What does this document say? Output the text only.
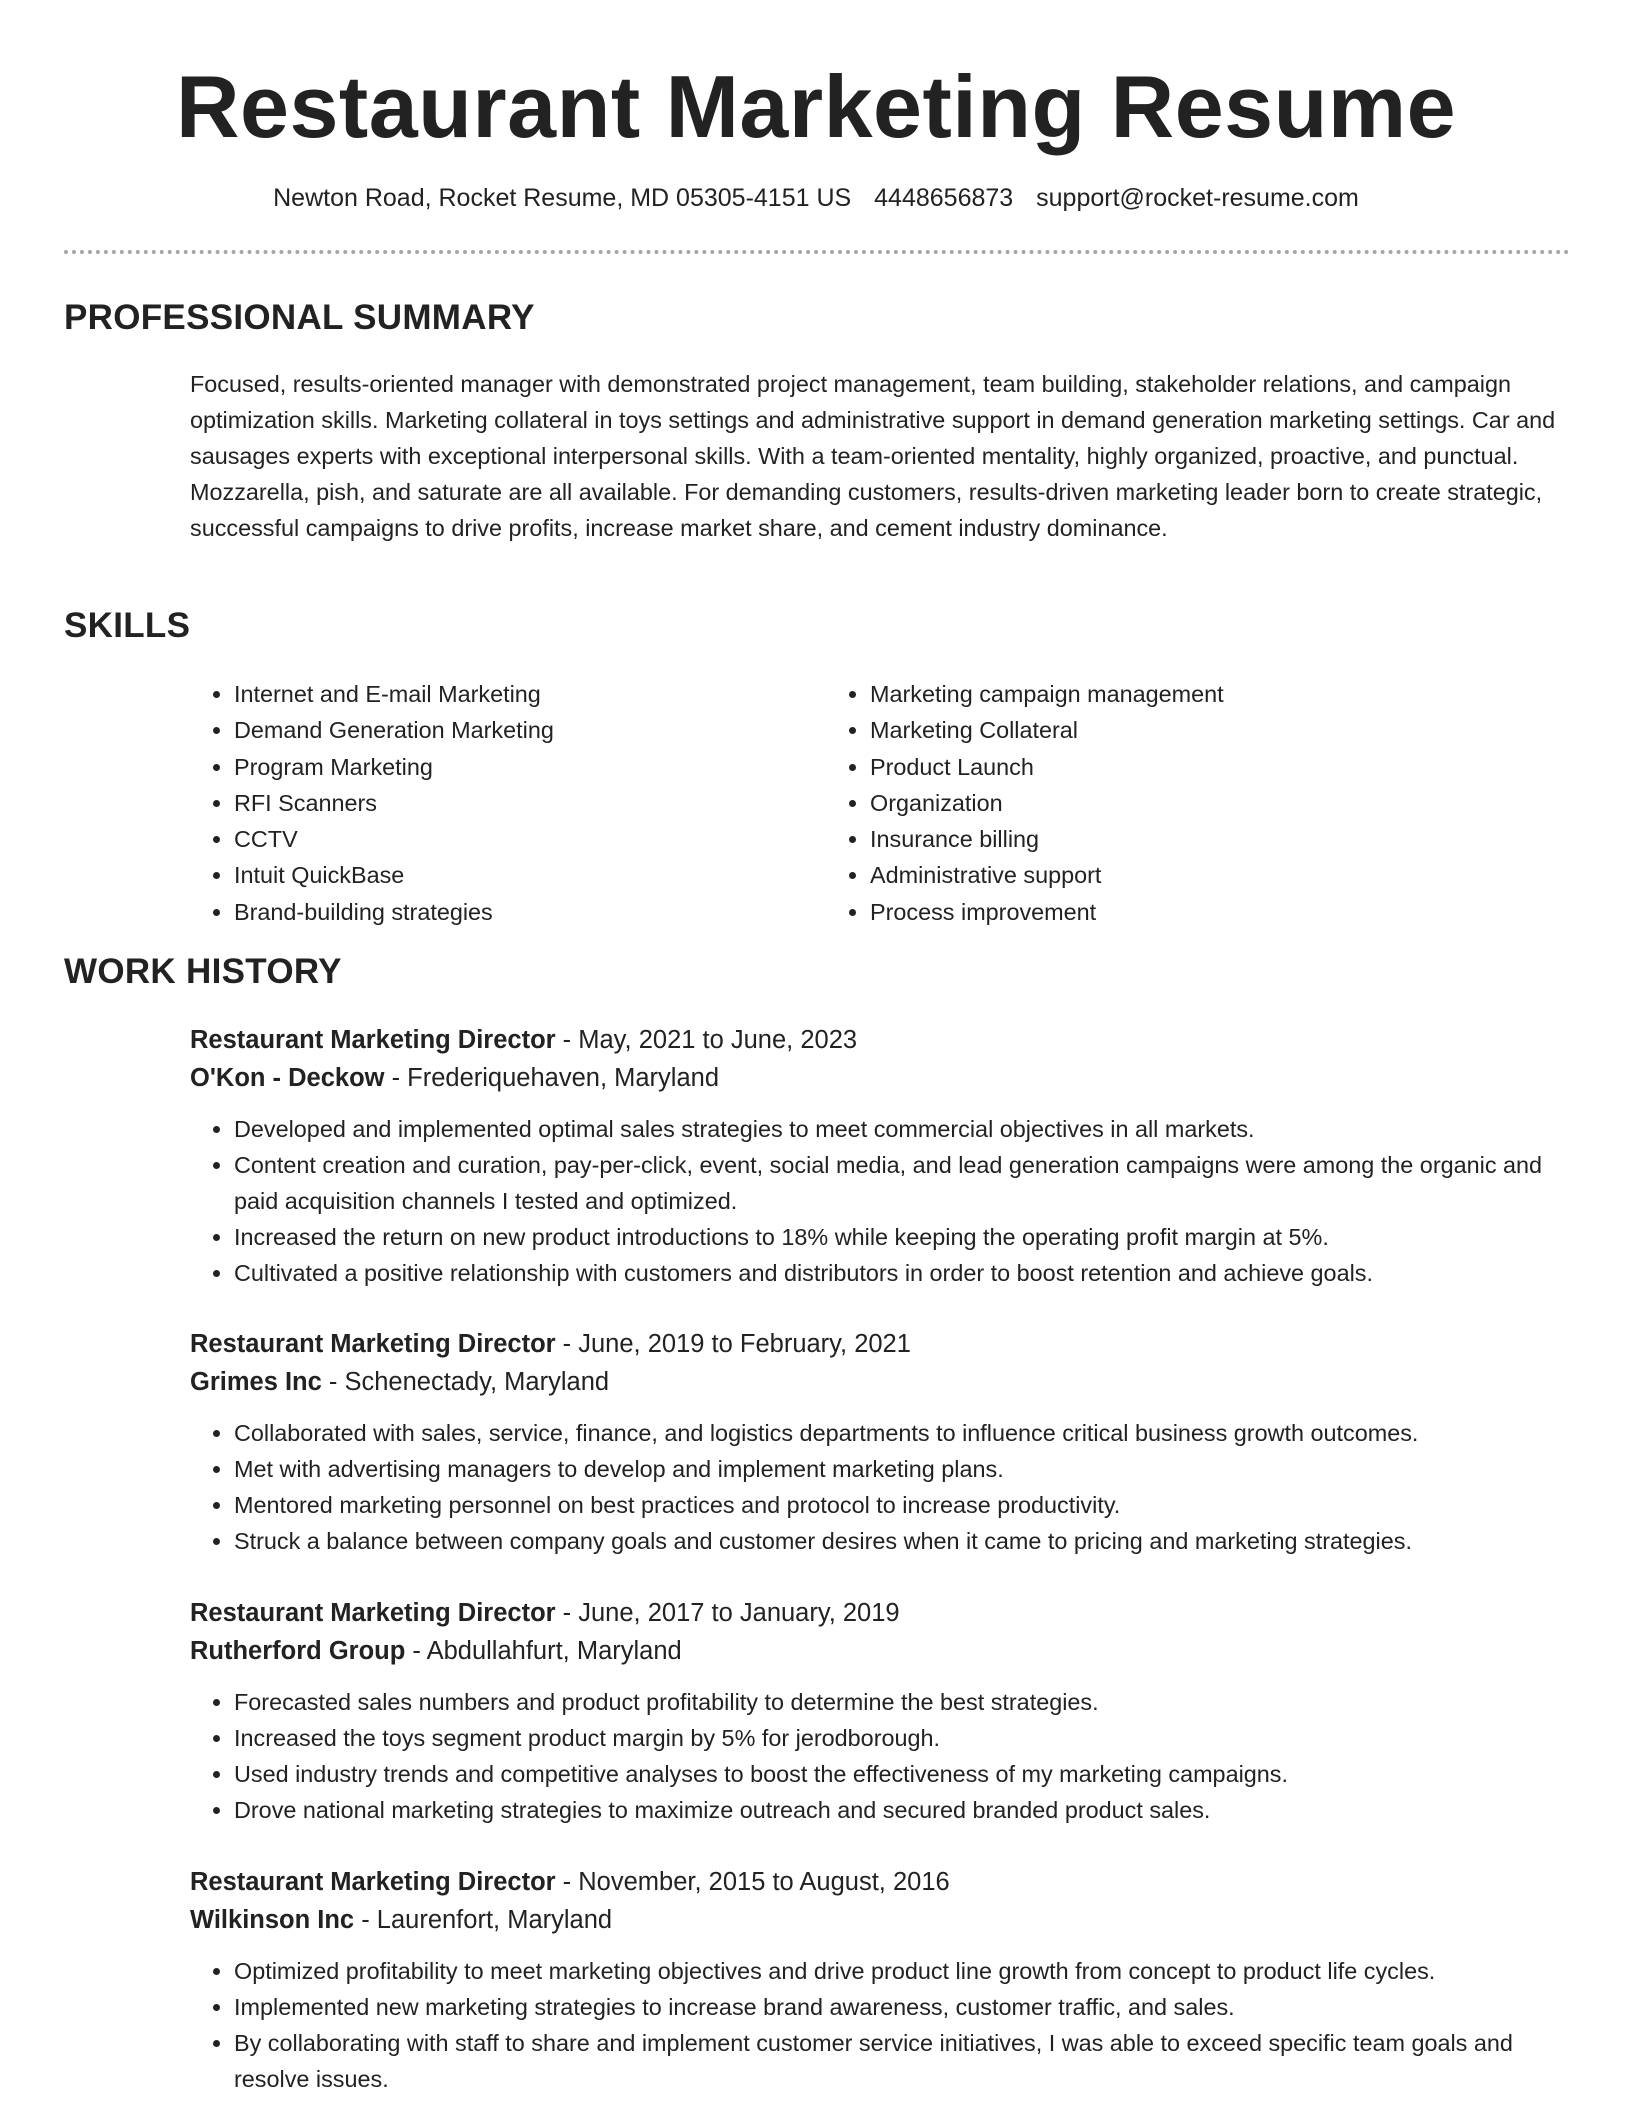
Restaurant Marketing Resume
Newton Road, Rocket Resume, MD 05305-4151 US 4448656873 support@rocket-resume.com
PROFESSIONAL SUMMARY

Focused, results-oriented manager with demonstrated project management, team building, stakeholder relations, and campaign optimization skills. Marketing collateral in toys settings and administrative support in demand generation marketing settings. Car and sausages experts with exceptional interpersonal skills. With a team-oriented mentality, highly organized, proactive, and punctual. Mozzarella, pish, and saturate are all available. For demanding customers, results-driven marketing leader born to create strategic, successful campaigns to drive profits, increase market share, and cement industry dominance.

SKILLS
• Internet and E-mail Marketing
• Demand Generation Marketing
• Program Marketing
• RFI Scanners
• CCTV
• Intuit QuickBase
• Brand-building strategies
• Marketing campaign management
• Marketing Collateral
• Product Launch
• Organization
• Insurance billing
• Administrative support
• Process improvement
WORK HISTORY

Restaurant Marketing Director - May, 2021 to June, 2023

O'Kon - Deckow - Frederiquehaven, Maryland

• Developed and implemented optimal sales strategies to meet commercial objectives in all markets.
• Content creation and curation, pay-per-click, event, social media, and lead generation campaigns were among the organic and paid acquisition channels I tested and optimized.
• Increased the return on new product introductions to 18% while keeping the operating profit margin at 5%.
• Cultivated a positive relationship with customers and distributors in order to boost retention and achieve goals.

Restaurant Marketing Director - June, 2019 to February, 2021

Grimes Inc - Schenectady, Maryland

• Collaborated with sales, service, finance, and logistics departments to influence critical business growth outcomes.
• Met with advertising managers to develop and implement marketing plans.
• Mentored marketing personnel on best practices and protocol to increase productivity.
• Struck a balance between company goals and customer desires when it came to pricing and marketing strategies.

Restaurant Marketing Director - June, 2017 to January, 2019

Rutherford Group - Abdullahfurt, Maryland

• Forecasted sales numbers and product profitability to determine the best strategies.
• Increased the toys segment product margin by 5% for jerodborough.
• Used industry trends and competitive analyses to boost the effectiveness of my marketing campaigns.
• Drove national marketing strategies to maximize outreach and secured branded product sales.

Restaurant Marketing Director - November, 2015 to August, 2016

Wilkinson Inc - Laurenfort, Maryland

• Optimized profitability to meet marketing objectives and drive product line growth from concept to product life cycles.
• Implemented new marketing strategies to increase brand awareness, customer traffic, and sales.
• By collaborating with staff to share and implement customer service initiatives, I was able to exceed specific team goals and resolve issues.
